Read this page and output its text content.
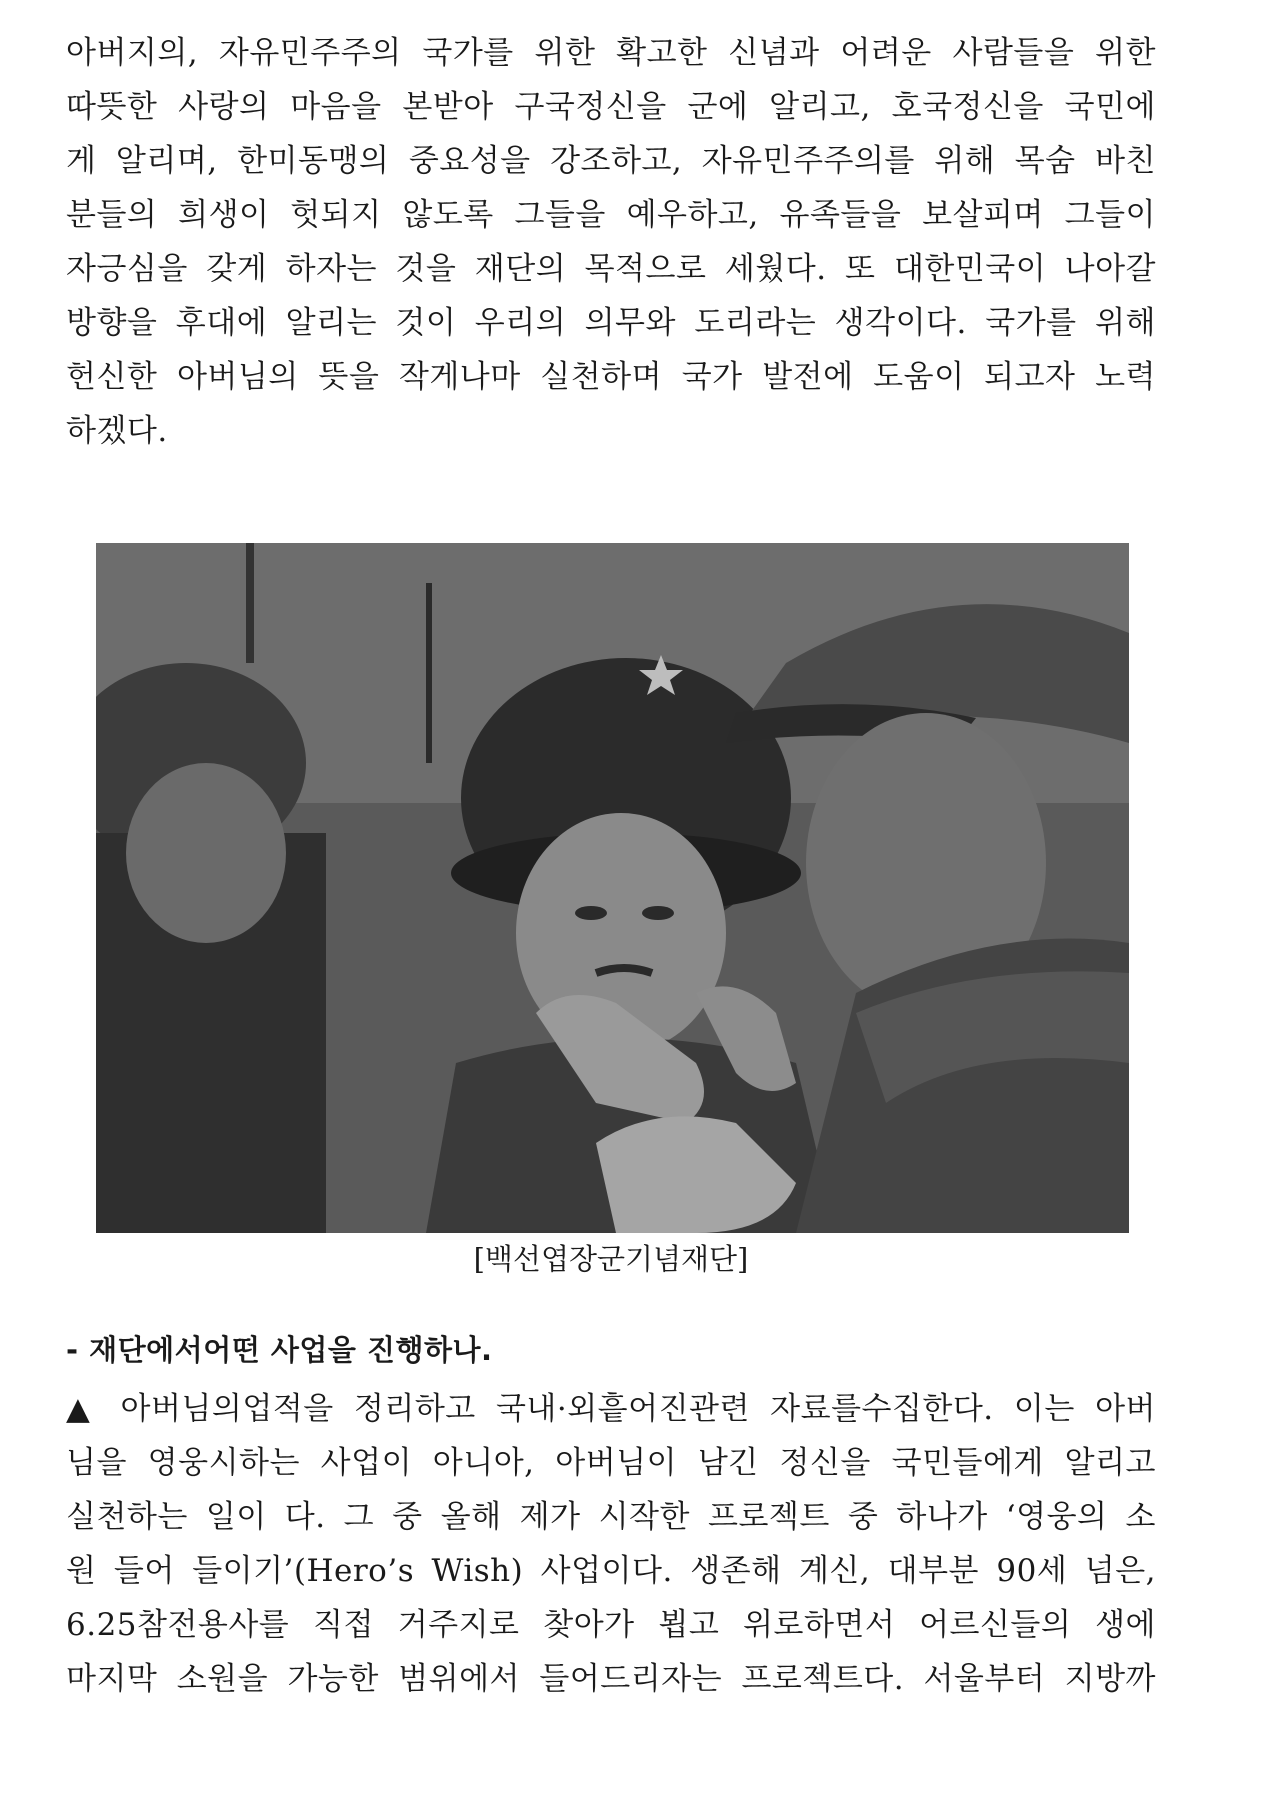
아버지의, 자유민주주의 국가를 위한 확고한 신념과 어려운 사람들을 위한
따뜻한 사랑의 마음을 본받아 구국정신을 군에 알리고, 호국정신을 국민에
게 알리며, 한미동맹의 중요성을 강조하고, 자유민주주의를 위해 목숨 바친
분들의 희생이 헛되지 않도록 그들을 예우하고, 유족들을 보살피며 그들이
자긍심을 갖게 하자는 것을 재단의 목적으로 세웠다. 또 대한민국이 나아갈
방향을 후대에 알리는 것이 우리의 의무와 도리라는 생각이다. 국가를 위해
헌신한 아버님의 뜻을 작게나마 실천하며 국가 발전에 도움이 되고자 노력
하겠다.
[백선엽장군기념재단]
- 재단에서어떤 사업을 진행하나.
▲ 아버님의업적을 정리하고 국내·외흩어진관련 자료를수집한다. 이는 아버
님을 영웅시하는 사업이 아니아, 아버님이 남긴 정신을 국민들에게 알리고
실천하는 일이 다. 그 중 올해 제가 시작한 프로젝트 중 하나가 ‘영웅의 소
원 들어 들이기’(Hero’s Wish) 사업이다. 생존해 계신, 대부분 90세 넘은,
6.25참전용사를 직접 거주지로 찾아가 뵙고 위로하면서 어르신들의 생에
마지막 소원을 가능한 범위에서 들어드리자는 프로젝트다. 서울부터 지방까
